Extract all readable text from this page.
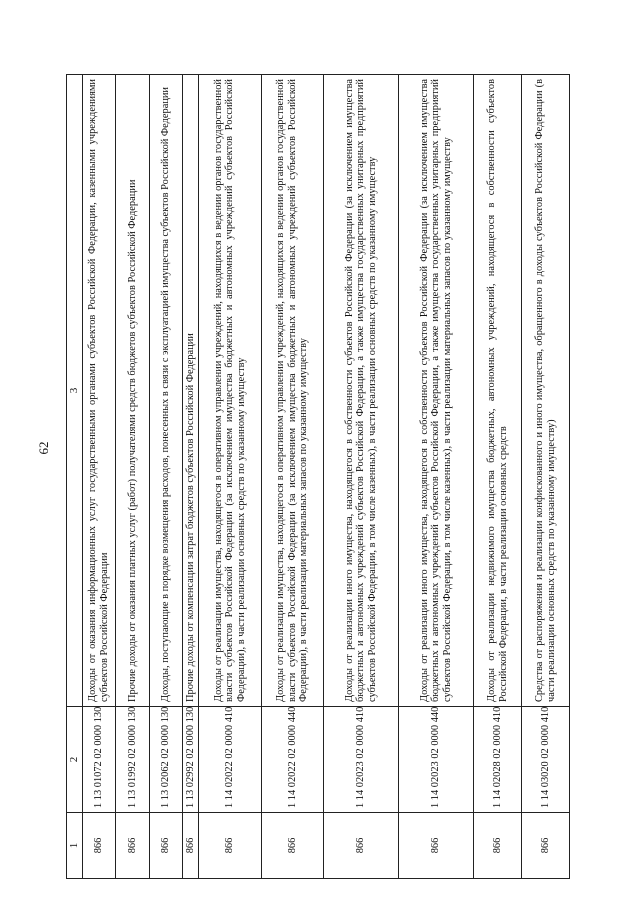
62
1	2	3
866	1 13 01072 02 0000 130	Доходы от оказания информационных услуг государственными органами субъектов Российской Федерации, казенными учреждениями субъектов Российской Федерации
866	1 13 01992 02 0000 130	Прочие доходы от оказания платных услуг (работ) получателями средств бюджетов субъектов Российской Федерации
866	1 13 02062 02 0000 130	Доходы, поступающие в порядке возмещения расходов, понесенных в связи с эксплуатацией имущества субъектов Российской Федерации
866	1 13 02992 02 0000 130	Прочие доходы от компенсации затрат бюджетов субъектов Российской Федерации
866	1 14 02022 02 0000 410	Доходы от реализации имущества, находящегося в оперативном управлении учреждений, находящихся в ведении органов государственной власти субъектов Российской Федерации (за исключением имущества бюджетных и автономных учреждений субъектов Российской Федерации), в части реализации основных средств по указанному имуществу
866	1 14 02022 02 0000 440	Доходы от реализации имущества, находящегося в оперативном управлении учреждений, находящихся в ведении органов государственной власти субъектов Российской Федерации (за исключением имущества бюджетных и автономных учреждений субъектов Российской Федерации), в части реализации материальных запасов по указанному имуществу
866	1 14 02023 02 0000 410	Доходы от реализации иного имущества, находящегося в собственности субъектов Российской Федерации (за исключением имущества бюджетных и автономных учреждений субъектов Российской Федерации, а также имущества государственных унитарных предприятий субъектов Российской Федерации, в том числе казенных), в части реализации основных средств по указанному имуществу
866	1 14 02023 02 0000 440	Доходы от реализации иного имущества, находящегося в собственности субъектов Российской Федерации (за исключением имущества бюджетных и автономных учреждений субъектов Российской Федерации, а также имущества государственных унитарных предприятий субъектов Российской Федерации, в том числе казенных), в части реализации материальных запасов по указанному имуществу
866	1 14 02028 02 0000 410	Доходы от реализации недвижимого имущества бюджетных, автономных учреждений, находящегося в собственности субъектов Российской Федерации, в части реализации основных средств
866	1 14 03020 02 0000 410	Средства от распоряжения и реализации конфискованного и иного имущества, обращенного в доходы субъектов Российской Федерации (в части реализации основных средств по указанному имуществу)
